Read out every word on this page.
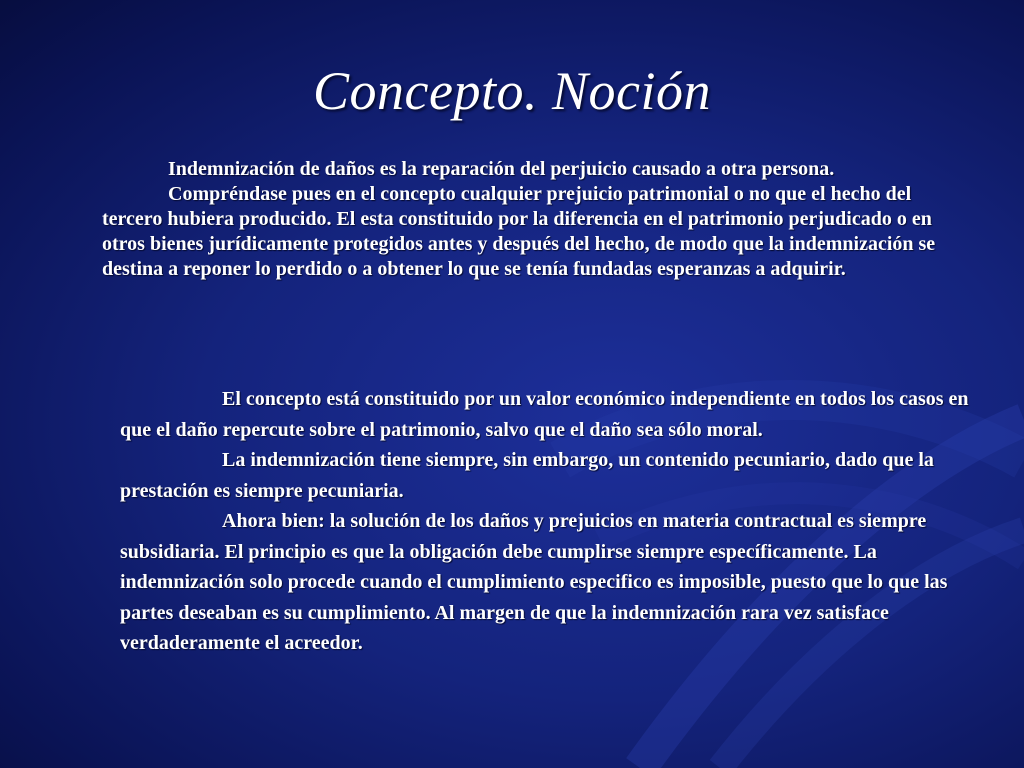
Concepto. Noción

Indemnización de daños es la reparación del perjuicio causado a otra persona.

Compréndase pues en el concepto cualquier prejuicio patrimonial o no que el hecho del tercero hubiera producido. El esta constituido por la diferencia en el patrimonio perjudicado o en otros bienes jurídicamente protegidos antes y después del hecho, de modo que la indemnización se destina a reponer lo perdido o a obtener lo que se tenía fundadas esperanzas a adquirir.

El concepto está constituido por un valor económico independiente en todos los casos en que el daño repercute sobre el patrimonio, salvo que el daño sea sólo moral.

La indemnización tiene siempre, sin embargo, un contenido pecuniario, dado que la prestación es siempre pecuniaria.

Ahora bien: la solución de los daños y prejuicios en materia contractual es siempre subsidiaria. El principio es que la obligación debe cumplirse siempre específicamente. La indemnización solo procede cuando el cumplimiento especifico es imposible, puesto que lo que las partes deseaban es su cumplimiento. Al margen de que la indemnización rara vez satisface verdaderamente el acreedor.
